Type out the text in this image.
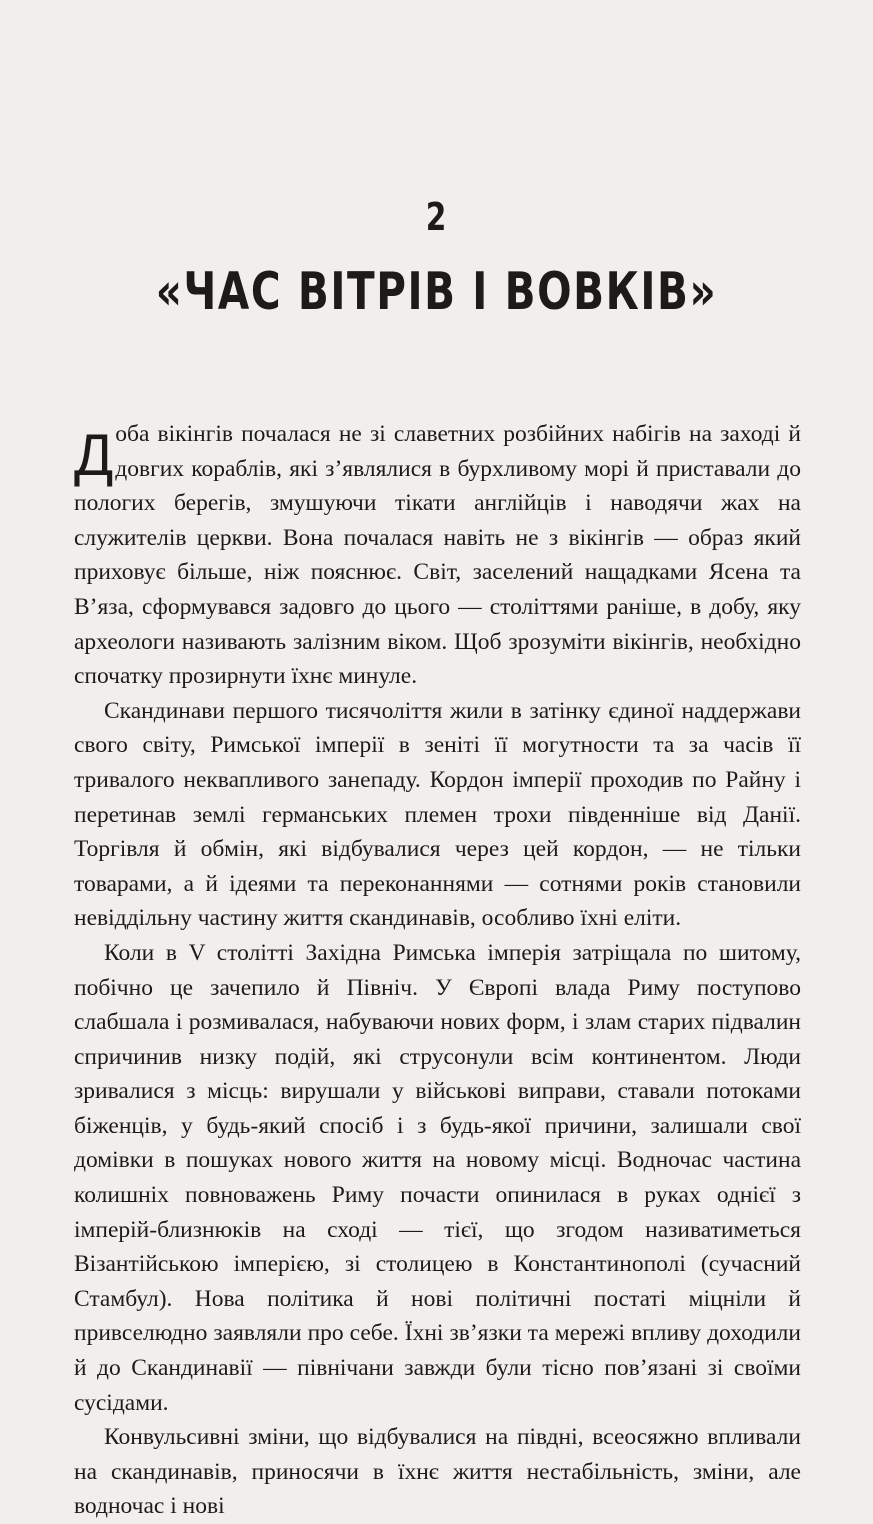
2
«ЧАС ВІТРІВ І ВОВКІВ»

Доба вікінгів почалася не зі славетних розбійних набігів на заході й довгих кораблів, які з’являлися в бурхливому морі й приставали до пологих берегів, змушуючи тікати англійців і наводячи жах на служителів церкви. Вона почалася навіть не з вікінгів — образ який приховує більше, ніж пояснює. Світ, заселений нащадками Ясена та В’яза, сформувався задовго до цього — століттями раніше, в добу, яку археологи називають залізним віком. Щоб зрозуміти вікінгів, необхідно спочатку прозирнути їхнє минуле.

Скандинави першого тисячоліття жили в затінку єдиної наддержави свого світу, Римської імперії в зеніті її могутности та за часів її тривалого неквапливого занепаду. Кордон імперії проходив по Райну і перетинав землі германських племен трохи південніше від Данії. Торгівля й обмін, які відбувалися через цей кордон, — не тільки товарами, а й ідеями та переконаннями — сотнями років становили невіддільну частину життя скандинавів, особливо їхні еліти.

Коли в V столітті Західна Римська імперія затріщала по шитому, побічно це зачепило й Північ. У Європі влада Риму поступово слабшала і розмивалася, набуваючи нових форм, і злам старих підвалин спричинив низку подій, які струсонули всім континентом. Люди зривалися з місць: вирушали у військові виправи, ставали потоками біженців, у будь-який спосіб і з будь-якої причини, залишали свої домівки в пошуках нового життя на новому місці. Водночас частина колишніх повноважень Риму почасти опинилася в руках однієї з імперій-близнюків на сході — тієї, що згодом називатиметься Візантійською імперією, зі столицею в Константинополі (сучасний Стамбул). Нова політика й нові політичні постаті міцніли й привселюдно заявляли про себе. Їхні зв’язки та мережі впливу доходили й до Скандинавії — північани завжди були тісно пов’язані зі своїми сусідами.

Конвульсивні зміни, що відбувалися на півдні, всеосяжно впливали на скандинавів, приносячи в їхнє життя нестабільність, зміни, але водночас і нові
